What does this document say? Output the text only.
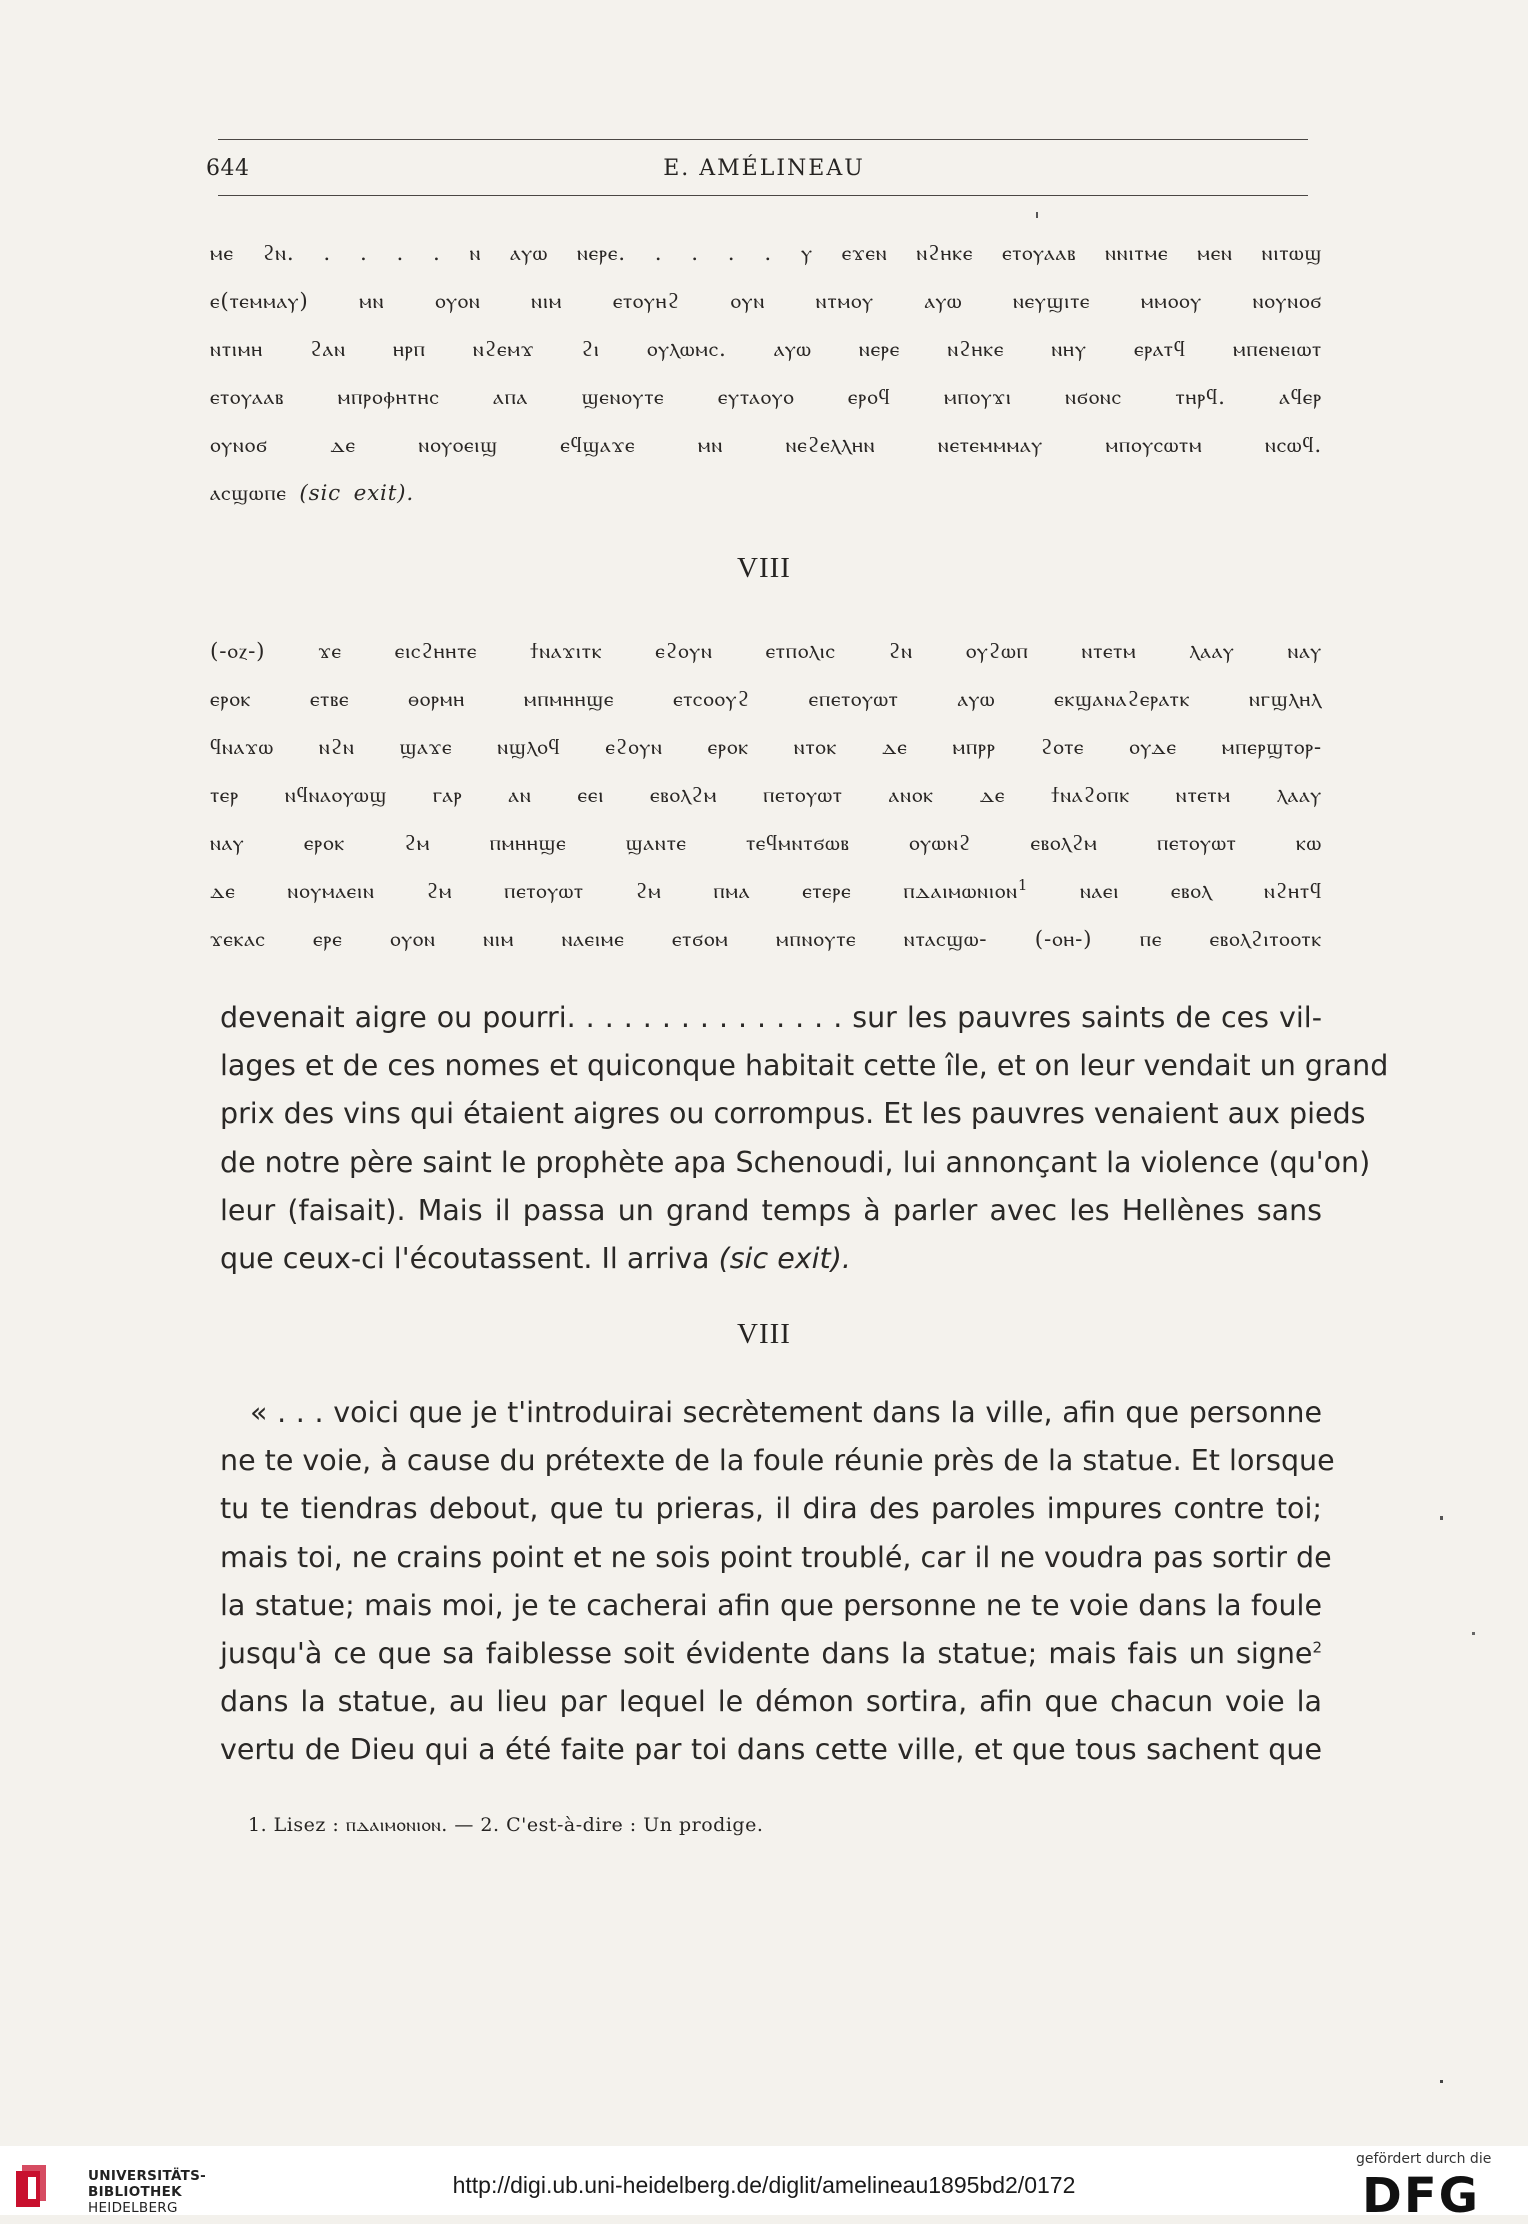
644	E. AMÉLINEAU
ⲙⲉ ϩⲛ. . . . . ⲛ ⲁⲩⲱ ⲛⲉⲣⲉ. . . . . ⲩ ⲉϫⲉⲛ ⲛϩⲏⲕⲉ ⲉⲧⲟⲩⲁⲁⲃ ⲛⲛⲓⲧⲙⲉ ⲙⲉⲛ ⲛⲓⲧⲱϣ
ⲉ(ⲧⲉⲙⲙⲁⲩ) ⲙⲛ ⲟⲩⲟⲛ ⲛⲓⲙ ⲉⲧⲟⲩⲏϩ ⲟⲩⲛ ⲛⲧⲙⲟⲩ ⲁⲩⲱ ⲛⲉⲩϣⲓⲧⲉ ⲙⲙⲟⲟⲩ ⲛⲟⲩⲛⲟϭ
ⲛⲧⲓⲙⲏ ϩⲁⲛ ⲏⲣⲡ ⲛϩⲉⲙϫ ϩⲓ ⲟⲩⲗⲱⲙⲥ. ⲁⲩⲱ ⲛⲉⲣⲉ ⲛϩⲏⲕⲉ ⲛⲏⲩ ⲉⲣⲁⲧϥ ⲙⲡⲉⲛⲉⲓⲱⲧ
ⲉⲧⲟⲩⲁⲁⲃ ⲙⲡⲣⲟⲫⲏⲧⲏⲥ ⲁⲡⲁ ϣⲉⲛⲟⲩⲧⲉ ⲉⲩⲧⲁⲟⲩⲟ ⲉⲣⲟϥ ⲙⲡⲟⲩϫⲓ ⲛϭⲟⲛⲥ ⲧⲏⲣϥ. ⲁϥⲉⲣ
ⲟⲩⲛⲟϭ ⲇⲉ ⲛⲟⲩⲟⲉⲓϣ ⲉϥϣⲁϫⲉ ⲙⲛ ⲛⲉϩⲉⲗⲗⲏⲛ ⲛⲉⲧⲉⲙⲙⲙⲁⲩ ⲙⲡⲟⲩⲥⲱⲧⲙ ⲛⲥⲱϥ.
ⲁⲥϣⲱⲡⲉ (sic exit).
VIII
(-ⲟⲍ-) ϫⲉ ⲉⲓⲥϩⲏⲏⲧⲉ ϯⲛⲁϫⲓⲧⲕ ⲉϩⲟⲩⲛ ⲉⲧⲡⲟⲗⲓⲥ ϩⲛ ⲟⲩϩⲱⲡ ⲛⲧⲉⲧⲙ ⲗⲁⲁⲩ ⲛⲁⲩ
ⲉⲣⲟⲕ ⲉⲧⲃⲉ ⲑⲟⲣⲙⲏ ⲙⲡⲙⲏⲏϣⲉ ⲉⲧⲥⲟⲟⲩϩ ⲉⲡⲉⲧⲟⲩⲱⲧ ⲁⲩⲱ ⲉⲕϣⲁⲛⲁϩⲉⲣⲁⲧⲕ ⲛⲅϣⲗⲏⲗ
ϥⲛⲁϫⲱ ⲛϩⲛ ϣⲁϫⲉ ⲛϣⲗⲟϥ ⲉϩⲟⲩⲛ ⲉⲣⲟⲕ ⲛⲧⲟⲕ ⲇⲉ ⲙⲡⲣⲣ ϩⲟⲧⲉ ⲟⲩⲇⲉ ⲙⲡⲉⲣϣⲧⲟⲣ-
ⲧⲉⲣ ⲛϥⲛⲁⲟⲩⲱϣ ⲅⲁⲣ ⲁⲛ ⲉⲉⲓ ⲉⲃⲟⲗϩⲙ ⲡⲉⲧⲟⲩⲱⲧ ⲁⲛⲟⲕ ⲇⲉ ϯⲛⲁϩⲟⲡⲕ ⲛⲧⲉⲧⲙ ⲗⲁⲁⲩ
ⲛⲁⲩ ⲉⲣⲟⲕ ϩⲙ ⲡⲙⲏⲏϣⲉ ϣⲁⲛⲧⲉ ⲧⲉϥⲙⲛⲧϭⲱⲃ ⲟⲩⲱⲛϩ ⲉⲃⲟⲗϩⲙ ⲡⲉⲧⲟⲩⲱⲧ ⲕⲱ
ⲇⲉ ⲛⲟⲩⲙⲁⲉⲓⲛ ϩⲙ ⲡⲉⲧⲟⲩⲱⲧ ϩⲙ ⲡⲙⲁ ⲉⲧⲉⲣⲉ ⲡⲇⲁⲓⲙⲱⲛⲓⲟⲛ$^1$ ⲛⲁⲉⲓ ⲉⲃⲟⲗ ⲛϩⲏⲧϥ
ϫⲉⲕⲁⲥ ⲉⲣⲉ ⲟⲩⲟⲛ ⲛⲓⲙ ⲛⲁⲉⲓⲙⲉ ⲉⲧϭⲟⲙ ⲙⲡⲛⲟⲩⲧⲉ ⲛⲧⲁⲥϣⲱ- (-ⲟⲏ-) ⲡⲉ ⲉⲃⲟⲗϩⲓⲧⲟⲟⲧⲕ
devenait aigre ou pourri. . . . . . . . . . . . . . . sur les pauvres saints de ces vil-
lages et de ces nomes et quiconque habitait cette île, et on leur vendait un grand
prix des vins qui étaient aigres ou corrompus. Et les pauvres venaient aux pieds
de notre père saint le prophète apa Schenoudi, lui annonçant la violence (qu'on)
leur (faisait). Mais il passa un grand temps à parler avec les Hellènes sans
que ceux-ci l'écoutassent. Il arriva (sic exit).
VIII
« . . . voici que je t'introduirai secrètement dans la ville, afin que personne
ne te voie, à cause du prétexte de la foule réunie près de la statue. Et lorsque
tu te tiendras debout, que tu prieras, il dira des paroles impures contre toi;
mais toi, ne crains point et ne sois point troublé, car il ne voudra pas sortir de
la statue; mais moi, je te cacherai afin que personne ne te voie dans la foule
jusqu'à ce que sa faiblesse soit évidente dans la statue; mais fais un signe$^2$
dans la statue, au lieu par lequel le démon sortira, afin que chacun voie la
vertu de Dieu qui a été faite par toi dans cette ville, et que tous sachent que
1. Lisez : ⲡⲇⲁⲓⲙⲟⲛⲓⲟⲛ. — 2. C'est-à-dire : Un prodige.
UNIVERSITÄTS-
BIBLIOTHEK
HEIDELBERG
http://digi.ub.uni-heidelberg.de/diglit/amelineau1895bd2/0172
gefördert durch die
DFG
